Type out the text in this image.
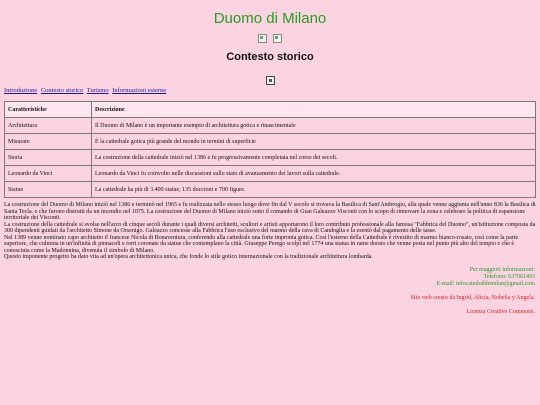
Duomo di Milano

Contesto storico
Introduzione Contesto storico Turismo Informazioni esterne
Caratteristiche	Descrizione
Architettura	Il Duomo di Milano è un importante esempio di architettura gotica e rinascimentale
Misurare	È la cattedrale gotica più grande del mondo in termini di superficie
Storia	La costruzione della cattedrale iniziò nel 1386 e fu progressivamente completata nel corso dei secoli.
Leonardo da Vinci	Leonardo da Vinci fu coinvolto nelle discussioni sullo stato di avanzamento dei lavori sulla cattedrale.
Statue	La cattedrale ha più di 3.400 statue, 135 doccioni e 700 figure.

La costruzione del Duomo di Milano iniziò nel 1386 e terminò nel 1965 e fu realizzata nello stesso luogo dove fin dal V secolo si trovava la Basilica di Sant'Ambrogio, alla quale venne aggiunta nell'anno 836 la Basilica di Santa Tecla. e che furono distrutti da un incendio nel 1075. La costruzione del Duomo di Milano iniziò sotto il comando di Gian Galeazzo Visconti con lo scopo di rinnovare la zona e celebrare la politica di espansione territoriale dei Visconti.

La costruzione della cattedrale si svolse nell'arco di cinque secoli durante i quali diversi architetti, scultori e artisti apportarono il loro contributo professionale alla famosa "Fabbrica del Duomo", un'istituzione composta da 300 dipendenti guidati da l'architetto Simone da Orsenigo. Galeazzo concesse alla Fabbrica l'uso esclusivo del marmo della cava di Candoglia e la esentò dal pagamento delle tasse.

Nel 1389 venne nominato capo architetto il francese Nicola di Bonaventura, conferendo alla cattedrale una forte impronta gotica. Così l'esterno della Cattedrale è rivestito di marmo bianco-rosato, così come la parte superiore, che culmina in un'infinità di pinnacoli e torri coronate da statue che contemplano la città. Giuseppe Perego scolpì nel 1774 una statua in rame dorato che venne posta nel punto più alto del tempio e che è conosciuta come la Madonnina, divenuta il simbolo di Milano.

Questo imponente progetto ha dato vita ad un'opera architettonica unica, che fonde lo stile gotico internazionale con la tradizionale architettura lombarda.

Per maggiori informazioni:
Telefono: 637061493
E-mail: infocatedraldemilan@gmail.com
Sito web creato da Ingrid, Alicia, Nohelia y Angela.
Licenza Creative Commons.
